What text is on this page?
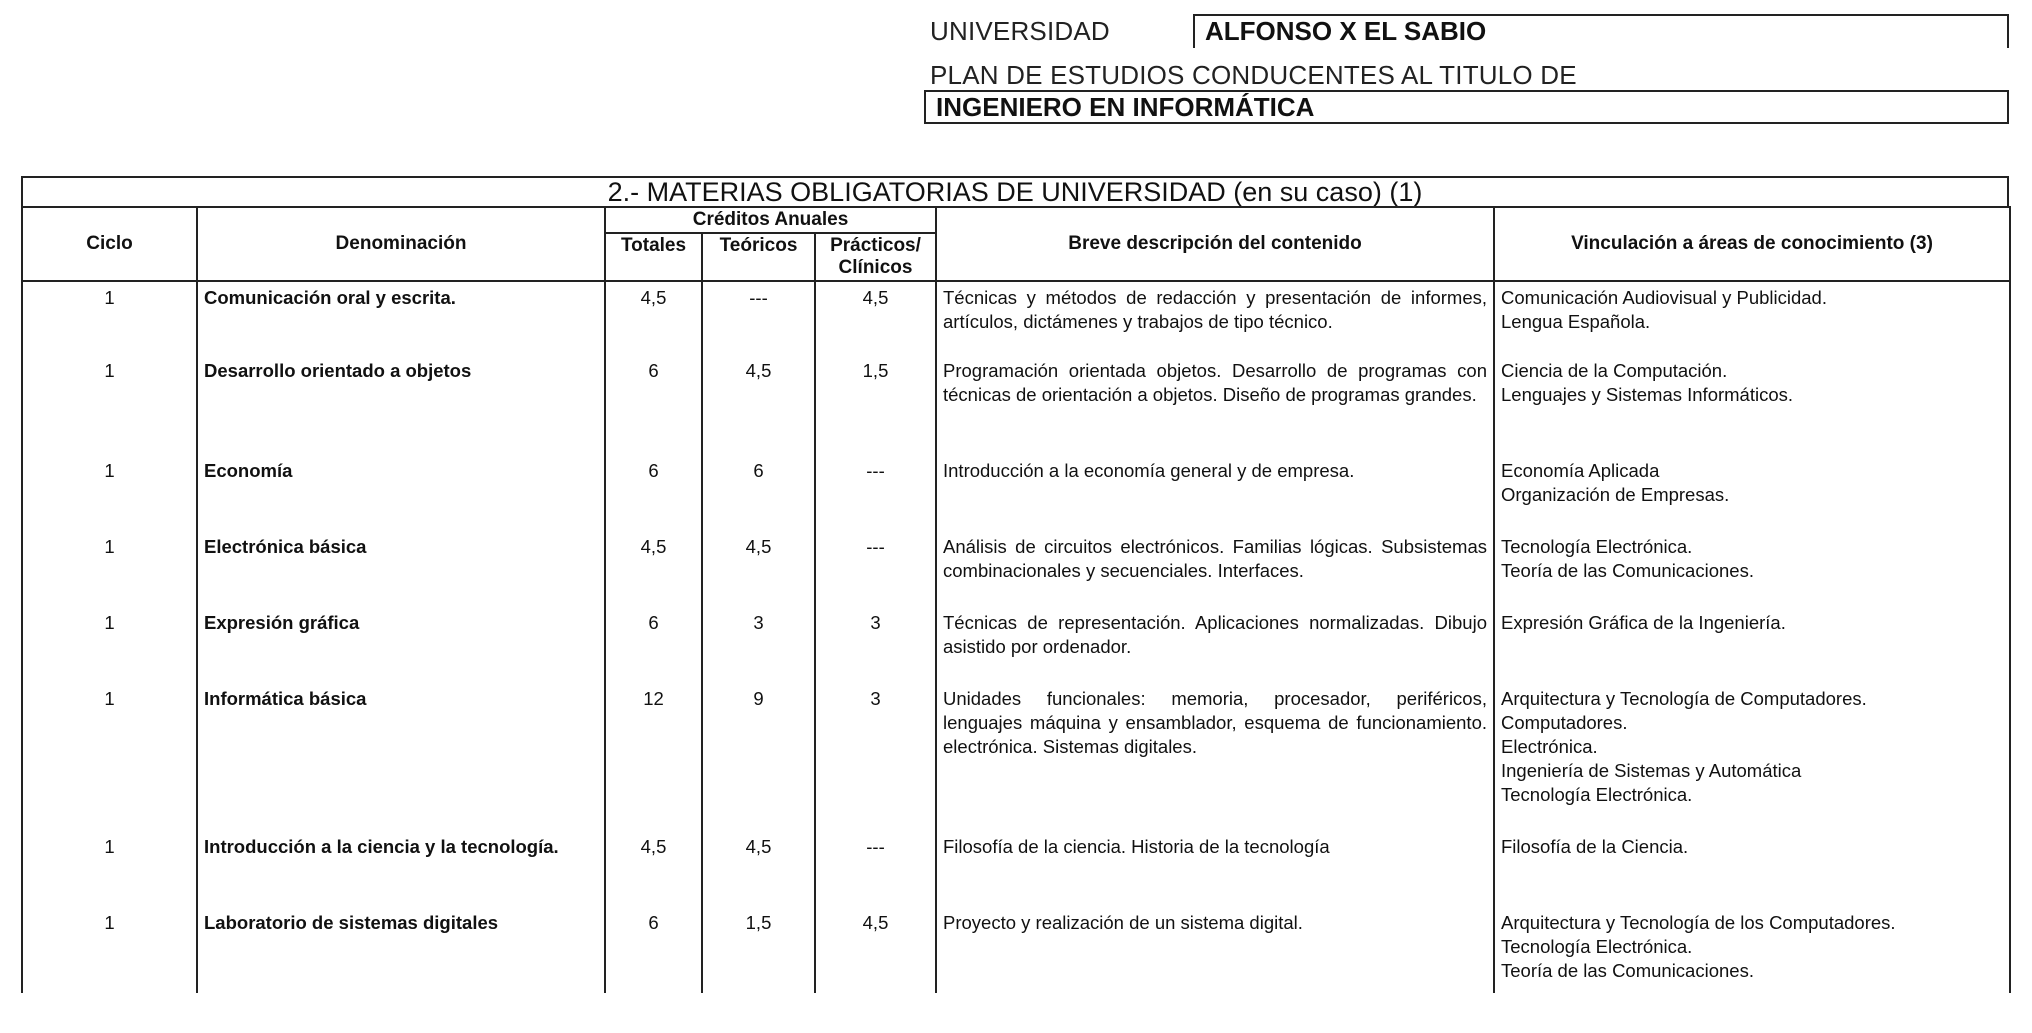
UNIVERSIDAD	ALFONSO X EL SABIO
PLAN DE ESTUDIOS CONDUCENTES AL TITULO DE
INGENIERO EN INFORMÁTICA
2.- MATERIAS OBLIGATORIAS DE UNIVERSIDAD (en su caso) (1)
Ciclo	Denominación	Créditos Anuales			Breve descripción del contenido	Vinculación a áreas de conocimiento (3)
		Totales	Teóricos	Prácticos/ Clínicos		
1	Comunicación oral y escrita.	4,5	---	4,5	Técnicas y métodos de redacción y presentación de informes, artículos, dictámenes y trabajos de tipo técnico.	Comunicación Audiovisual y Publicidad.
Lengua Española.

1	Desarrollo orientado a objetos	6	4,5	1,5	Programación orientada objetos. Desarrollo de programas con técnicas de orientación a objetos. Diseño de programas grandes.	Ciencia de la Computación.
Lenguajes y Sistemas Informáticos.

1	Economía	6	6	---	Introducción a la economía general y de empresa.	Economía Aplicada
Organización de Empresas.

1	Electrónica básica	4,5	4,5	---	Análisis de circuitos electrónicos. Familias lógicas. Subsistemas combinacionales y secuenciales. Interfaces.	Tecnología Electrónica.
Teoría de las Comunicaciones.

1	Expresión gráfica	6	3	3	Técnicas de representación. Aplicaciones normalizadas. Dibujo asistido por ordenador.	Expresión Gráfica de la Ingeniería.

1	Informática básica	12	9	3	Unidades funcionales: memoria, procesador, periféricos, lenguajes máquina y ensamblador, esquema de funcionamiento. electrónica. Sistemas digitales.	Arquitectura y Tecnología de Computadores.
Computadores.
Electrónica.
Ingeniería de Sistemas y Automática
Tecnología Electrónica.

1	Introducción a la ciencia y la tecnología.	4,5	4,5	---	Filosofía de la ciencia. Historia de la tecnología	Filosofía de la Ciencia.

1	Laboratorio de sistemas digitales	6	1,5	4,5	Proyecto y realización de un sistema digital.	Arquitectura y Tecnología de los Computadores.
Tecnología Electrónica.
Teoría de las Comunicaciones.
